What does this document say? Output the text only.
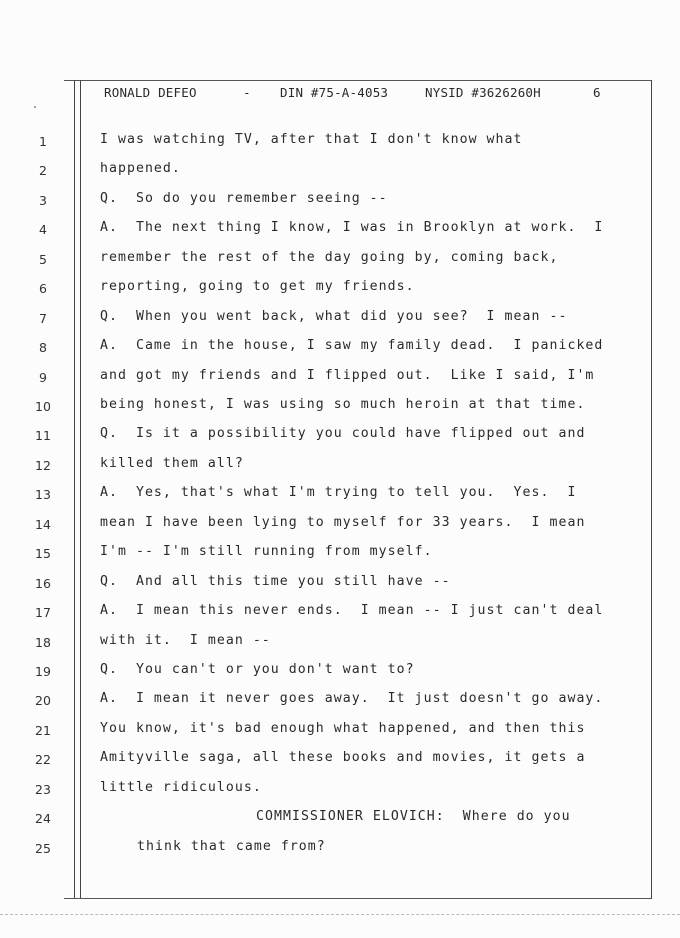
RONALD DEFEO

	-

DIN #75-A-4053

	NYSID #3626260H

	6
1
2
3
4
5
6
7
8
9
10
11
12
13
14
15
16
17
18
19
20
21
22
23
24
25
I was watching TV, after that I don't know what
happened.
Q.  So do you remember seeing --
A.  The next thing I know, I was in Brooklyn at work.  I
remember the rest of the day going by, coming back,
reporting, going to get my friends.
Q.  When you went back, what did you see?  I mean --
A.  Came in the house, I saw my family dead.  I panicked
and got my friends and I flipped out.  Like I said, I'm
being honest, I was using so much heroin at that time.
Q.  Is it a possibility you could have flipped out and
killed them all?
A.  Yes, that's what I'm trying to tell you.  Yes.  I
mean I have been lying to myself for 33 years.  I mean
I'm -- I'm still running from myself.
Q.  And all this time you still have --
A.  I mean this never ends.  I mean -- I just can't deal
with it.  I mean --
Q.  You can't or you don't want to?
A.  I mean it never goes away.  It just doesn't go away.
You know, it's bad enough what happened, and then this
Amityville saga, all these books and movies, it gets a
little ridiculous.
COMMISSIONER ELOVICH:  Where do you
think that came from?
